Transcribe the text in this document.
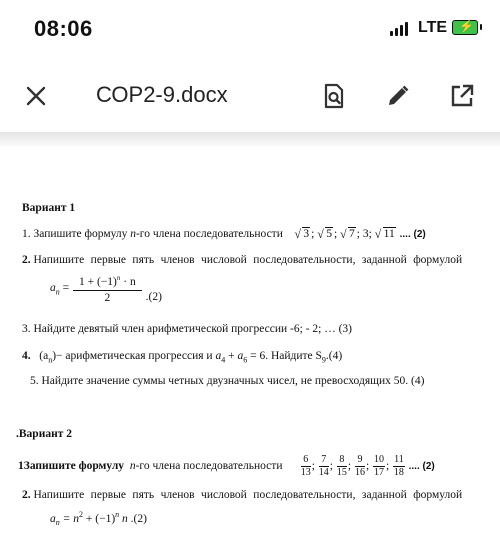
08:06	LTE ⚡
СОР2-9.docx
Вариант 1
1. Запишите формулу n-го члена последовательности √ 3 ; √ 5 ; √ 7 ; 3; √ 11 .... (2)
2. Напишите первые пять членов числовой последовательности, заданной формулой
$a_n = \frac{1 + (-1)^n \cdot n}{2} .(2)$
3. Найдите девятый член арифметической прогрессии -6; - 2; … (3)
4. $(a_n)-$ арифметическая прогрессия и $a_4 + a_6 = 6$. Найдите $S_9.(4)$
5. Найдите значение суммы четных двузначных чисел, не превосходящих 50. (4)
.Вариант 2
1Запишите формулу n-го члена последовательности $\frac{6}{13}$ ; $\frac{7}{14}$ ; $\frac{8}{15}$ ; $\frac{9}{16}$ ; $\frac{10}{17}$ ; $\frac{11}{18}$ .... (2)
2. Напишите первые пять членов числовой последовательности, заданной формулой
$a_n = n^2 + (-1)^n$ n .(2)
